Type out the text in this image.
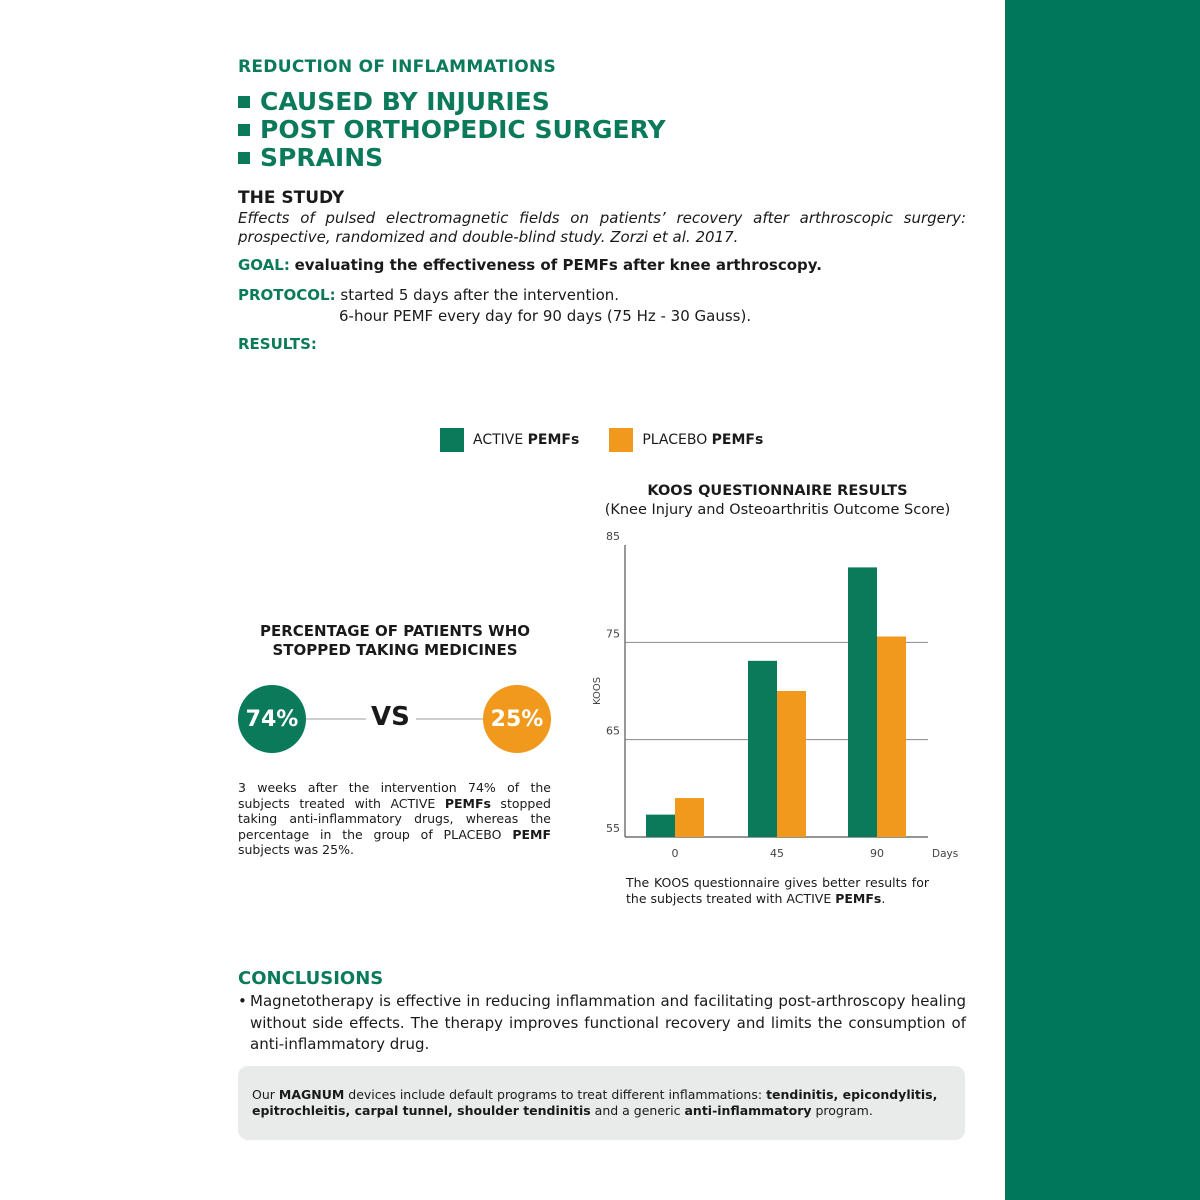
REDUCTION OF INFLAMMATIONS
CAUSED BY INJURIES
POST ORTHOPEDIC SURGERY
SPRAINS
THE STUDY
Effects of pulsed electromagnetic fields on patients’ recovery after arthroscopic surgery: prospective, randomized and double-blind study. Zorzi et al. 2017.
GOAL: evaluating the effectiveness of PEMFs after knee arthroscopy.
PROTOCOL: started 5 days after the intervention.
6-hour PEMF every day for 90 days (75 Hz - 30 Gauss).
RESULTS:
ACTIVE PEMFs	PLACEBO PEMFs
PERCENTAGE OF PATIENTS WHO
STOPPED TAKING MEDICINES
74%	VS	25%
3 weeks after the intervention 74% of the subjects treated with ACTIVE PEMFs stopped taking anti-inflammatory drugs, whereas the percentage in the group of PLACEBO PEMF subjects was 25%.
KOOS QUESTIONNAIRE RESULTS
(Knee Injury and Osteoarthritis Outcome Score)
55
65
75
85
KOOS
0	45	90	Days
The KOOS questionnaire gives better results for the subjects treated with ACTIVE PEMFs.
CONCLUSIONS
• Magnetotherapy is effective in reducing inflammation and facilitating post-arthroscopy healing without side effects. The therapy improves functional recovery and limits the consumption of anti-inflammatory drug.
Our MAGNUM devices include default programs to treat different inflammations: tendinitis, epicondylitis, epitrochleitis, carpal tunnel, shoulder tendinitis and a generic anti-inflammatory program.
